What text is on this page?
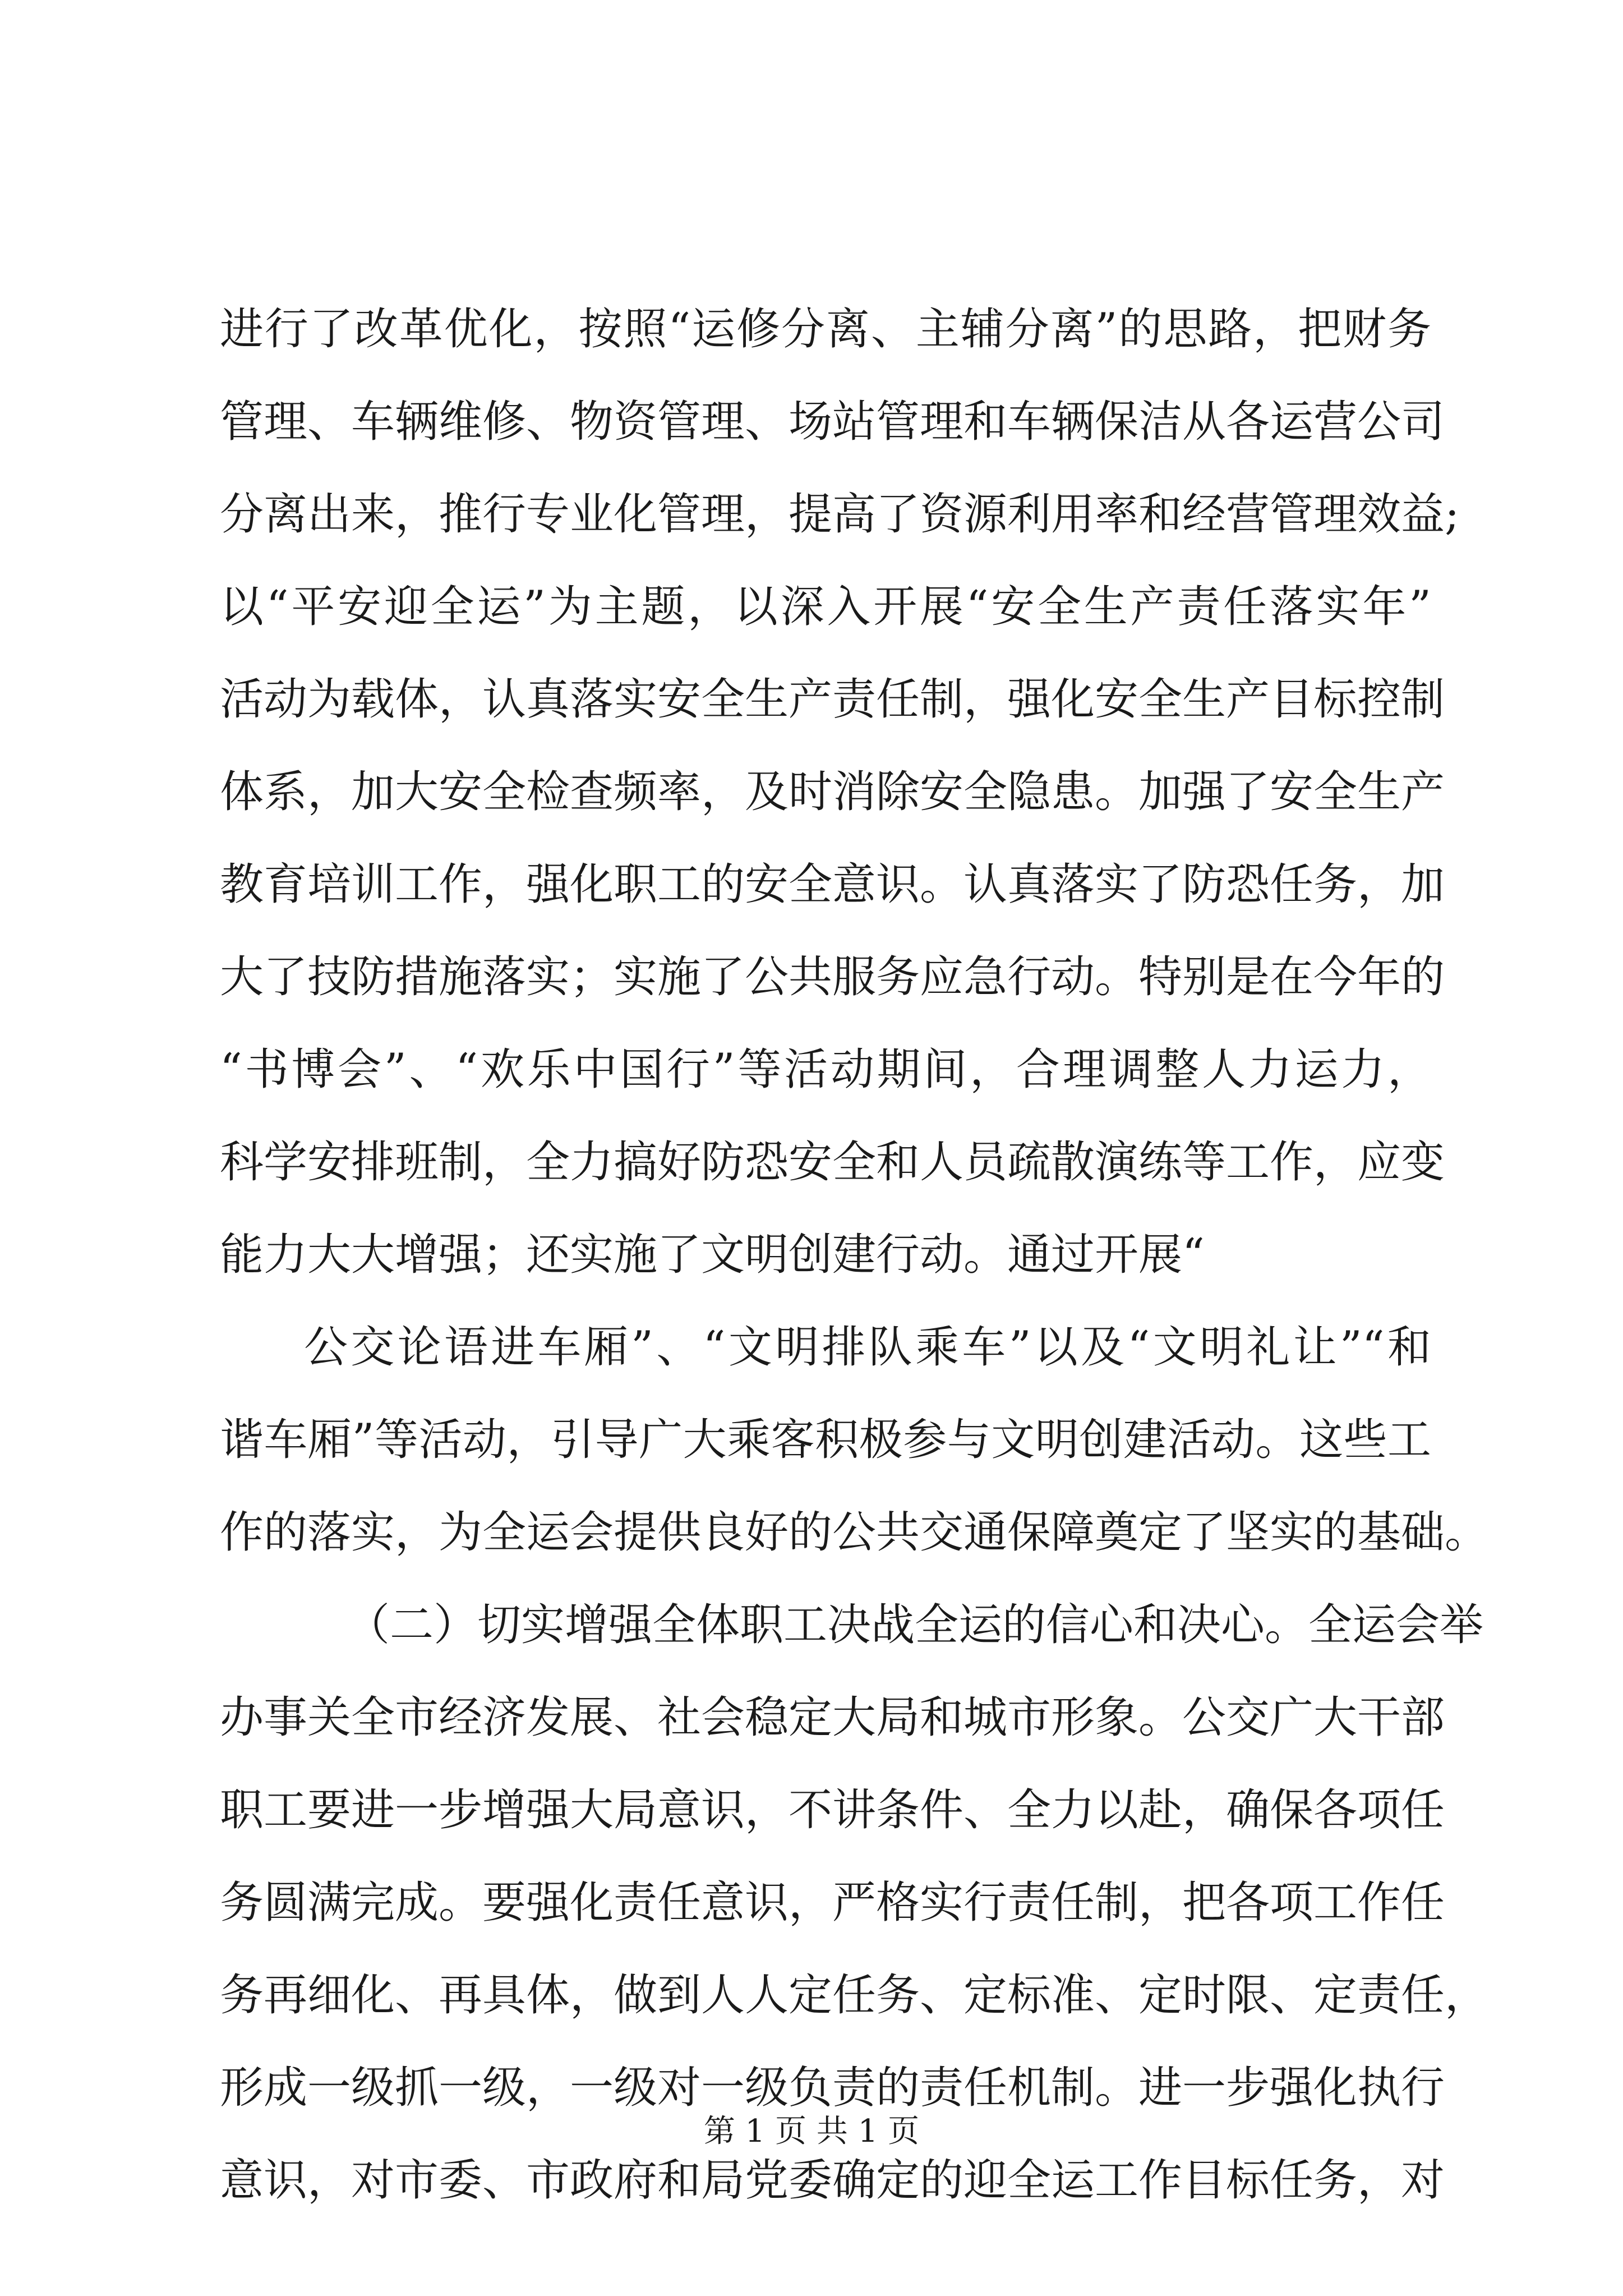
进行了改革优化，按照“运修分离、主辅分离”的思路，把财务
管理、车辆维修、物资管理、场站管理和车辆保洁从各运营公司
分离出来，推行专业化管理，提高了资源利用率和经营管理效益;
以“平安迎全运”为主题，以深入开展“安全生产责任落实年”
活动为载体，认真落实安全生产责任制，强化安全生产目标控制
体系，加大安全检查频率，及时消除安全隐患。加强了安全生产
教育培训工作，强化职工的安全意识。认真落实了防恐任务，加
大了技防措施落实；实施了公共服务应急行动。特别是在今年的
“书博会”、“欢乐中国行”等活动期间，合理调整人力运力，
科学安排班制，全力搞好防恐安全和人员疏散演练等工作，应变
能力大大增强；还实施了文明创建行动。通过开展“
公交论语进车厢”、“文明排队乘车”以及“文明礼让”“和
谐车厢”等活动，引导广大乘客积极参与文明创建活动。这些工
作的落实，为全运会提供良好的公共交通保障奠定了坚实的基础。
（二）切实增强全体职工决战全运的信心和决心。全运会举
办事关全市经济发展、社会稳定大局和城市形象。公交广大干部
职工要进一步增强大局意识，不讲条件、全力以赴，确保各项任
务圆满完成。要强化责任意识，严格实行责任制，把各项工作任
务再细化、再具体，做到人人定任务、定标准、定时限、定责任，
形成一级抓一级，一级对一级负责的责任机制。进一步强化执行
意识，对市委、市政府和局党委确定的迎全运工作目标任务，对
第 1 页 共 1 页
